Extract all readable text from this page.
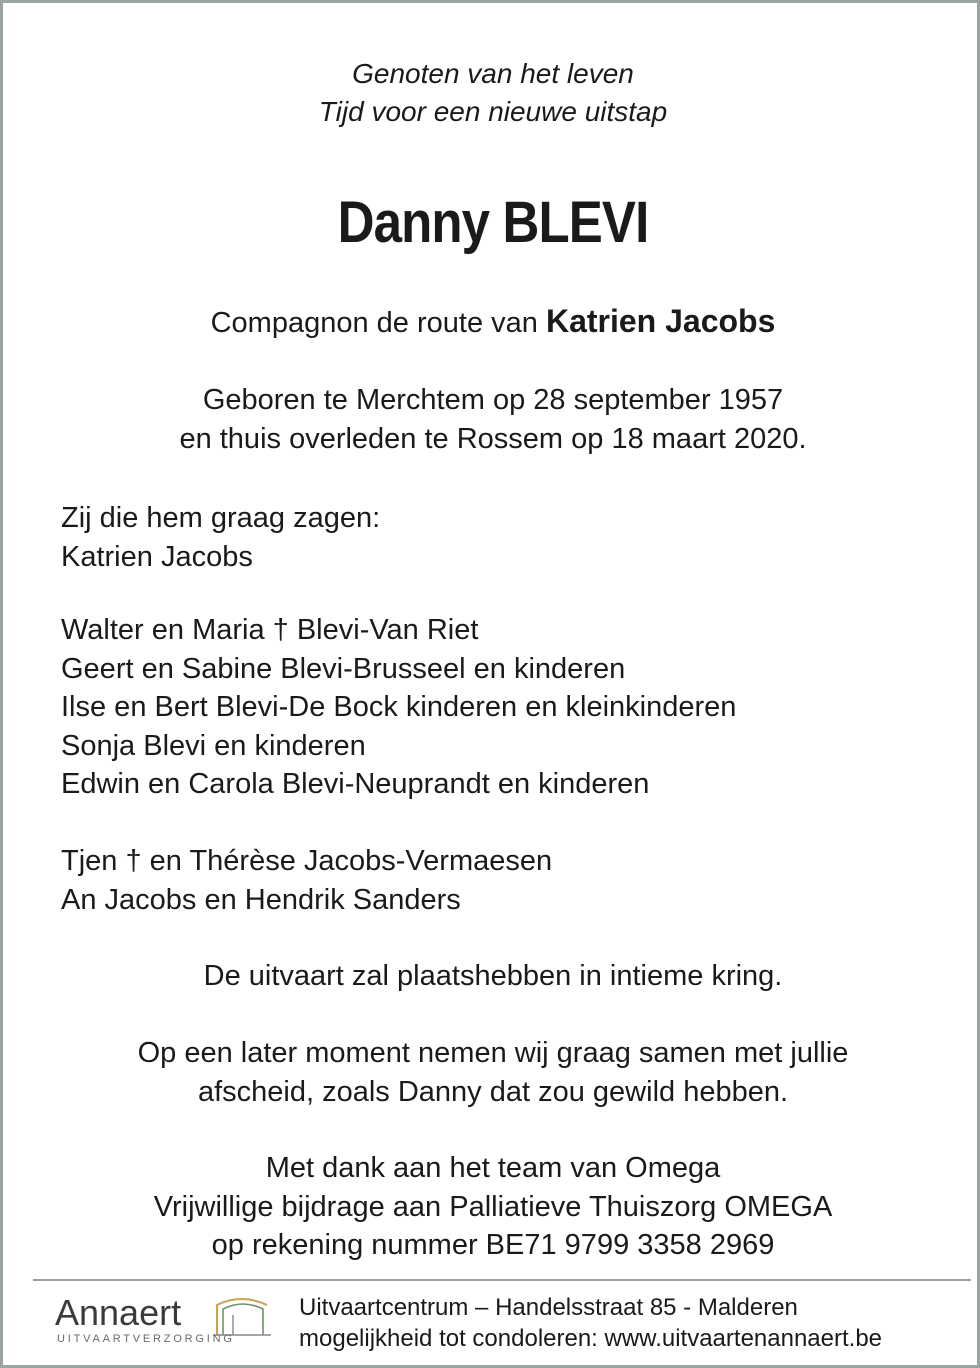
Genoten van het leven
Tijd voor een nieuwe uitstap
Danny BLEVI
Compagnon de route van Katrien Jacobs
Geboren te Merchtem op 28 september 1957
en thuis overleden te Rossem op 18 maart 2020.
Zij die hem graag zagen:
Katrien Jacobs
Walter en Maria † Blevi-Van Riet
Geert en Sabine Blevi-Brusseel en kinderen
Ilse en Bert Blevi-De Bock kinderen en kleinkinderen
Sonja Blevi en kinderen
Edwin en Carola Blevi-Neuprandt en kinderen
Tjen † en Thérèse Jacobs-Vermaesen
An Jacobs en Hendrik Sanders
De uitvaart zal plaatshebben in intieme kring.
Op een later moment nemen wij graag samen met jullie
afscheid, zoals Danny dat zou gewild hebben.
Met dank aan het team van Omega
Vrijwillige bijdrage aan Palliatieve Thuiszorg OMEGA
op rekening nummer BE71 9799 3358 2969
Annaert
UITVAARTVERZORGING
Uitvaartcentrum – Handelsstraat 85 - Malderen
mogelijkheid tot condoleren: www.uitvaartenannaert.be
